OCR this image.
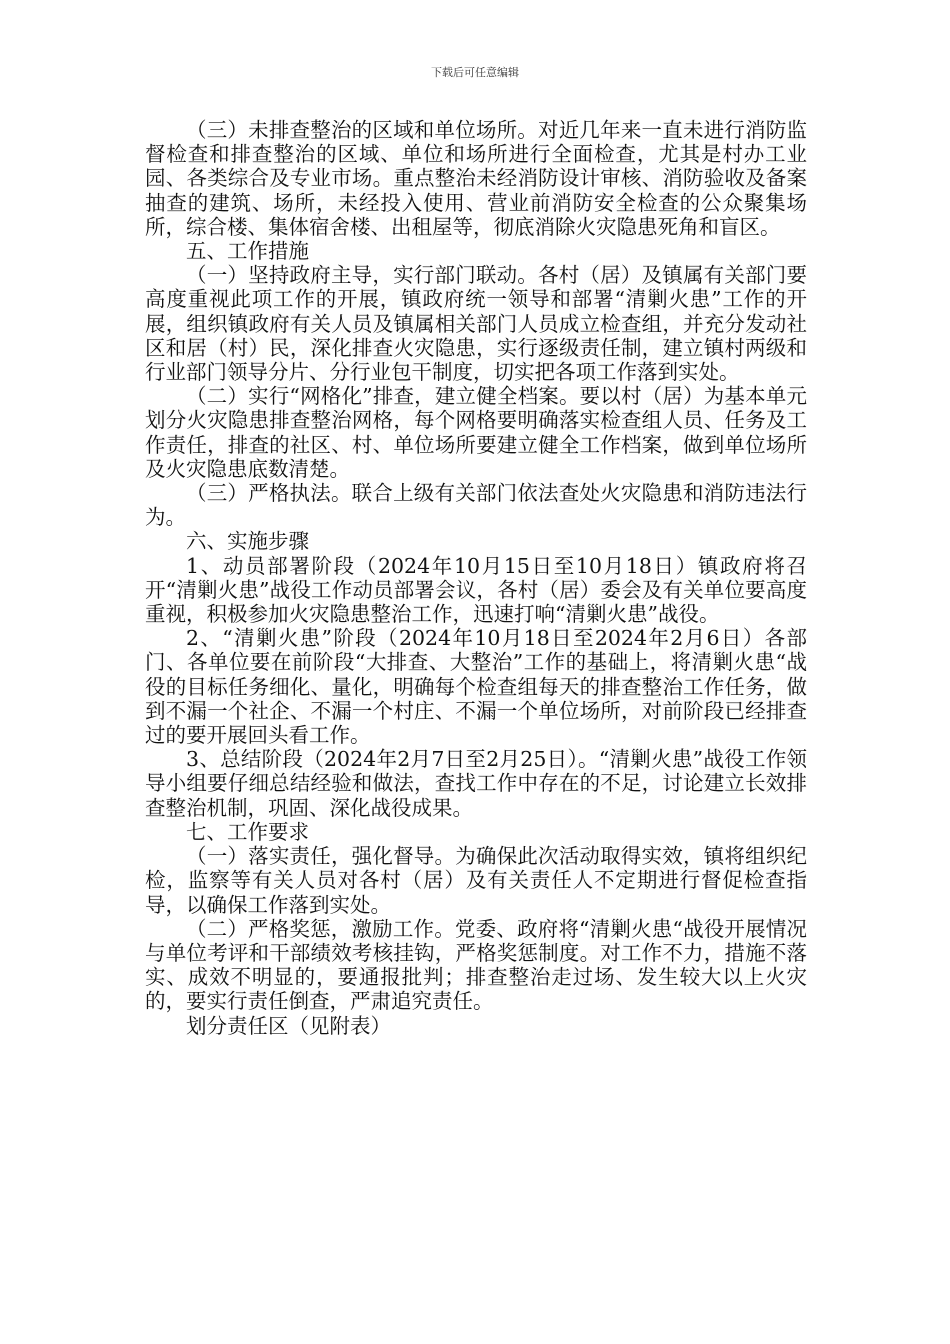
下载后可任意编辑

（三）未排查整治的区域和单位场所。对近几年来一直未进行消防监督检查和排查整治的区域、单位和场所进行全面检查，尤其是村办工业园、各类综合及专业市场。重点整治未经消防设计审核、消防验收及备案抽查的建筑、场所，未经投入使用、营业前消防安全检查的公众聚集场所，综合楼、集体宿舍楼、出租屋等，彻底消除火灾隐患死角和盲区。

五、工作措施

（一）坚持政府主导，实行部门联动。各村（居）及镇属有关部门要高度重视此项工作的开展，镇政府统一领导和部署“清剿火患”工作的开展，组织镇政府有关人员及镇属相关部门人员成立检查组，并充分发动社区和居（村）民，深化排查火灾隐患，实行逐级责任制，建立镇村两级和行业部门领导分片、分行业包干制度，切实把各项工作落到实处。

（二）实行“网格化”排查，建立健全档案。要以村（居）为基本单元划分火灾隐患排查整治网格，每个网格要明确落实检查组人员、任务及工作责任，排查的社区、村、单位场所要建立健全工作档案，做到单位场所及火灾隐患底数清楚。

（三）严格执法。联合上级有关部门依法查处火灾隐患和消防违法行为。

六、实施步骤

1、动员部署阶段（2024年10月15日至10月18日）镇政府将召开“清剿火患”战役工作动员部署会议，各村（居）委会及有关单位要高度重视，积极参加火灾隐患整治工作，迅速打响“清剿火患”战役。

2、“清剿火患”阶段（2024年10月18日至2024年2月6日）各部门、各单位要在前阶段“大排查、大整治”工作的基础上，将清剿火患“战役的目标任务细化、量化，明确每个检查组每天的排查整治工作任务，做到不漏一个社企、不漏一个村庄、不漏一个单位场所，对前阶段已经排查过的要开展回头看工作。

3、总结阶段（2024年2月7日至2月25日）。“清剿火患”战役工作领导小组要仔细总结经验和做法，查找工作中存在的不足，讨论建立长效排查整治机制，巩固、深化战役成果。

七、工作要求

（一）落实责任，强化督导。为确保此次活动取得实效，镇将组织纪检，监察等有关人员对各村（居）及有关责任人不定期进行督促检查指导，以确保工作落到实处。

（二）严格奖惩，激励工作。党委、政府将“清剿火患“战役开展情况与单位考评和干部绩效考核挂钩，严格奖惩制度。对工作不力，措施不落实、成效不明显的，要通报批判；排查整治走过场、发生较大以上火灾的，要实行责任倒查，严肃追究责任。

划分责任区（见附表）
